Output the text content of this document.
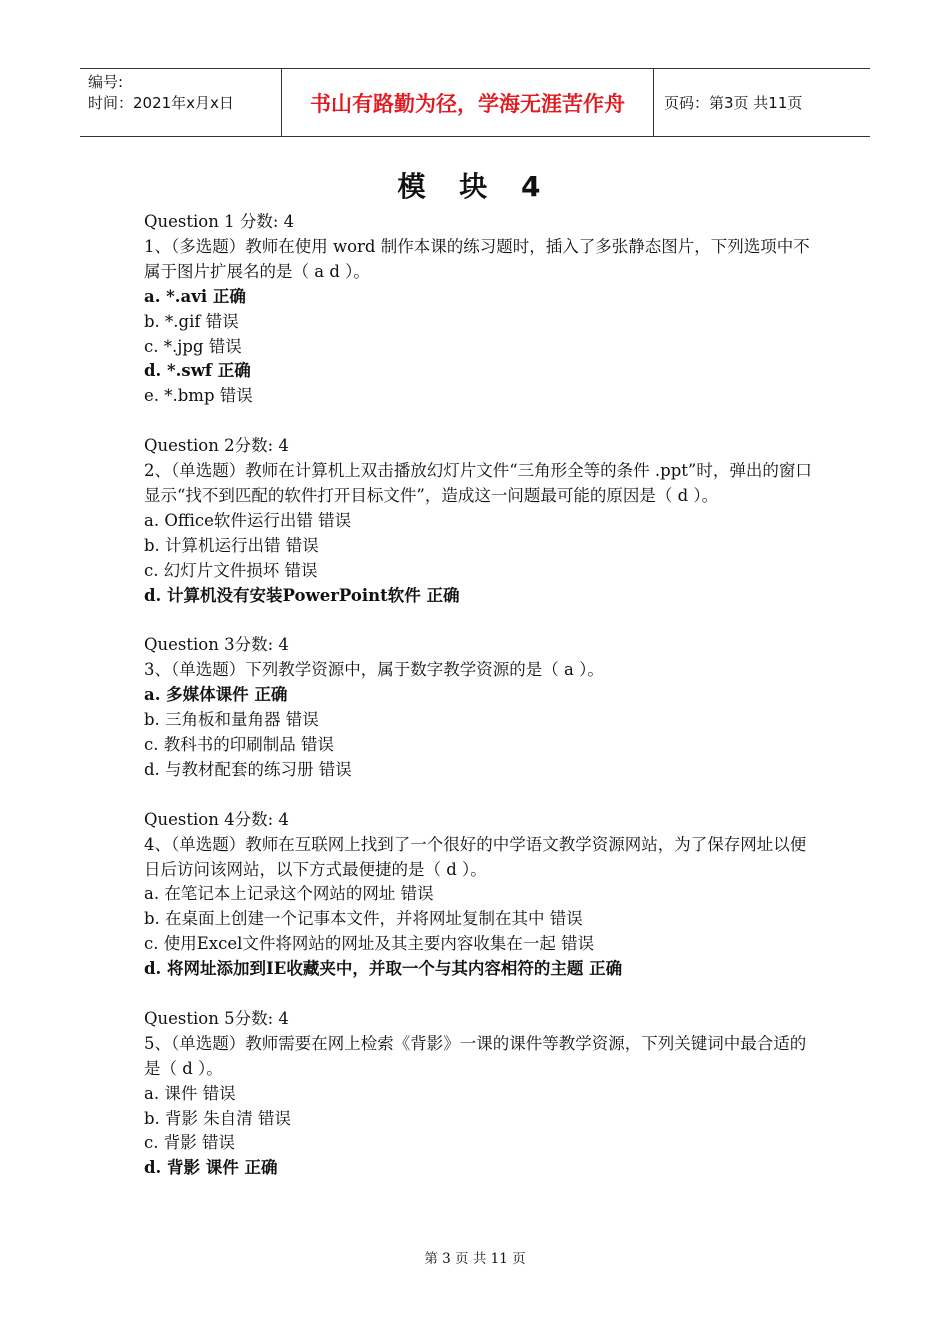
编号:
时间：2021年x月x日	书山有路勤为径，学海无涯苦作舟	页码：第3页 共11页
模 块 4
Question 1 分数: 4
1、（多选题）教师在使用 word 制作本课的练习题时，插入了多张静态图片，下列选项中不属于图片扩展名的是（ a d ）。
a. *.avi 正确
b. *.gif 错误
c. *.jpg 错误
d. *.swf 正确
e. *.bmp 错误
Question 2分数: 4
2、（单选题）教师在计算机上双击播放幻灯片文件“三角形全等的条件 .ppt”时，弹出的窗口显示“找不到匹配的软件打开目标文件”，造成这一问题最可能的原因是（ d ）。
a. Office软件运行出错 错误
b. 计算机运行出错 错误
c. 幻灯片文件损坏 错误
d. 计算机没有安装PowerPoint软件 正确
Question 3分数: 4
3、（单选题）下列教学资源中，属于数字教学资源的是（ a ）。
a. 多媒体课件 正确
b. 三角板和量角器 错误
c. 教科书的印刷制品 错误
d. 与教材配套的练习册 错误
Question 4分数: 4
4、（单选题）教师在互联网上找到了一个很好的中学语文教学资源网站，为了保存网址以便日后访问该网站，以下方式最便捷的是（ d ）。
a. 在笔记本上记录这个网站的网址 错误
b. 在桌面上创建一个记事本文件，并将网址复制在其中 错误
c. 使用Excel文件将网站的网址及其主要内容收集在一起 错误
d. 将网址添加到IE收藏夹中，并取一个与其内容相符的主题 正确
Question 5分数: 4
5、（单选题）教师需要在网上检索《背影》一课的课件等教学资源，下列关键词中最合适的是（ d ）。
a. 课件 错误
b. 背影 朱自清 错误
c. 背影 错误
d. 背影 课件 正确
第 3 页 共 11 页
